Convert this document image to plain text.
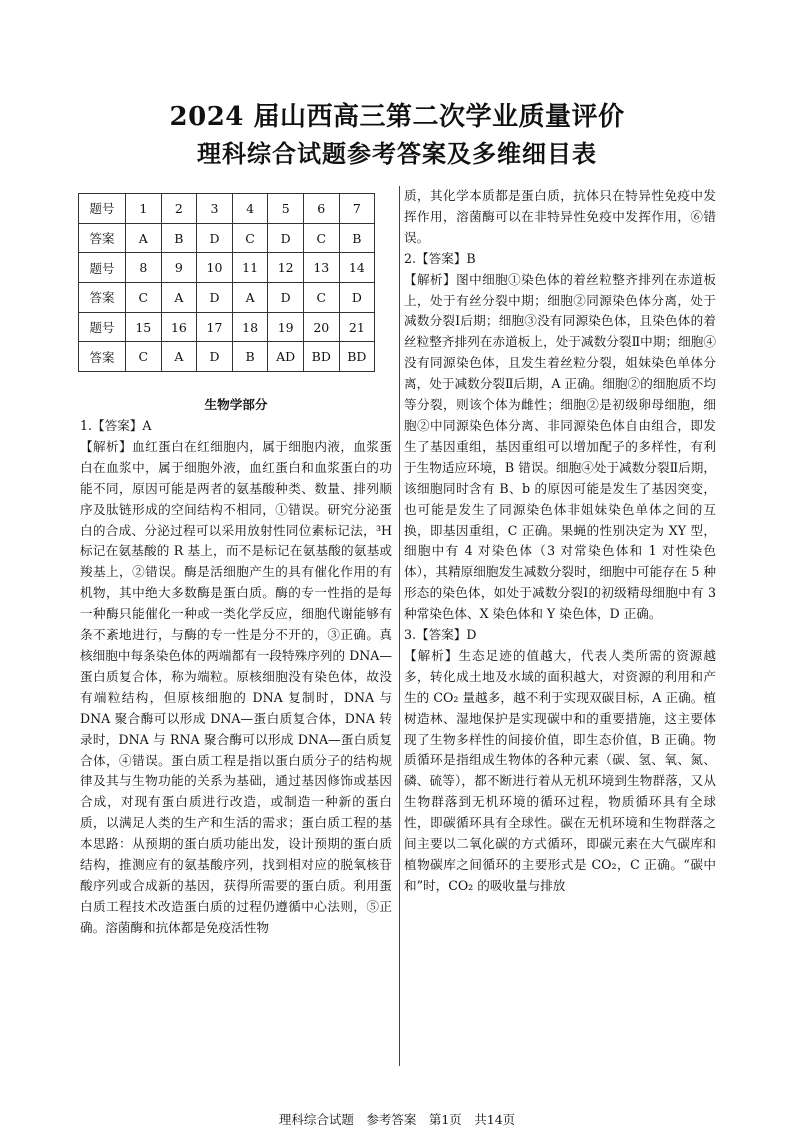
2024 届山西高三第二次学业质量评价
理科综合试题参考答案及多维细目表
题号	1	2	3	4	5	6	7
答案	A	B	D	C	D	C	B
题号	8	9	10	11	12	13	14
答案	C	A	D	A	D	C	D
题号	15	16	17	18	19	20	21
答案	C	A	D	B	AD	BD	BD
生物学部分

1.【答案】A

【解析】血红蛋白在红细胞内，属于细胞内液，血浆蛋白在血浆中，属于细胞外液，血红蛋白和血浆蛋白的功能不同，原因可能是两者的氨基酸种类、数量、排列顺序及肽链形成的空间结构不相同，①错误。研究分泌蛋白的合成、分泌过程可以采用放射性同位素标记法，³H 标记在氨基酸的 R 基上，而不是标记在氨基酸的氨基或羧基上，②错误。酶是活细胞产生的具有催化作用的有机物，其中绝大多数酶是蛋白质。酶的专一性指的是每一种酶只能催化一种或一类化学反应，细胞代谢能够有条不紊地进行，与酶的专一性是分不开的，③正确。真核细胞中每条染色体的两端都有一段特殊序列的 DNA—蛋白质复合体，称为端粒。原核细胞没有染色体，故没有端粒结构，但原核细胞的 DNA 复制时，DNA 与 DNA 聚合酶可以形成 DNA—蛋白质复合体，DNA 转录时，DNA 与 RNA 聚合酶可以形成 DNA—蛋白质复合体，④错误。蛋白质工程是指以蛋白质分子的结构规律及其与生物功能的关系为基础，通过基因修饰或基因合成，对现有蛋白质进行改造，或制造一种新的蛋白质，以满足人类的生产和生活的需求；蛋白质工程的基本思路：从预期的蛋白质功能出发，设计预期的蛋白质结构，推测应有的氨基酸序列，找到相对应的脱氧核苷酸序列或合成新的基因，获得所需要的蛋白质。利用蛋白质工程技术改造蛋白质的过程仍遵循中心法则，⑤正确。溶菌酶和抗体都是免疫活性物

质，其化学本质都是蛋白质，抗体只在特异性免疫中发挥作用，溶菌酶可以在非特异性免疫中发挥作用，⑥错误。

2.【答案】B

【解析】图中细胞①染色体的着丝粒整齐排列在赤道板上，处于有丝分裂中期；细胞②同源染色体分离，处于减数分裂Ⅰ后期；细胞③没有同源染色体，且染色体的着丝粒整齐排列在赤道板上，处于减数分裂Ⅱ中期；细胞④没有同源染色体，且发生着丝粒分裂，姐妹染色单体分离，处于减数分裂Ⅱ后期，A 正确。细胞②的细胞质不均等分裂，则该个体为雌性；细胞②是初级卵母细胞，细胞②中同源染色体分离、非同源染色体自由组合，即发生了基因重组，基因重组可以增加配子的多样性，有利于生物适应环境，B 错误。细胞④处于减数分裂Ⅱ后期，该细胞同时含有 B、b 的原因可能是发生了基因突变，也可能是发生了同源染色体非姐妹染色单体之间的互换，即基因重组，C 正确。果蝇的性别决定为 XY 型，细胞中有 4 对染色体（3 对常染色体和 1 对性染色体），其精原细胞发生减数分裂时，细胞中可能存在 5 种形态的染色体，如处于减数分裂Ⅰ的初级精母细胞中有 3 种常染色体、X 染色体和 Y 染色体，D 正确。

3.【答案】D

【解析】生态足迹的值越大，代表人类所需的资源越多，转化成土地及水域的面积越大，对资源的利用和产生的 CO₂ 量越多，越不利于实现双碳目标，A 正确。植树造林、湿地保护是实现碳中和的重要措施，这主要体现了生物多样性的间接价值，即生态价值，B 正确。物质循环是指组成生物体的各种元素（碳、氢、氧、氮、磷、硫等），都不断进行着从无机环境到生物群落，又从生物群落到无机环境的循环过程，物质循环具有全球性，即碳循环具有全球性。碳在无机环境和生物群落之间主要以二氧化碳的方式循环，即碳元素在大气碳库和植物碳库之间循环的主要形式是 CO₂，C 正确。“碳中和”时，CO₂ 的吸收量与排放

理科综合试题　参考答案　第1页　共14页
